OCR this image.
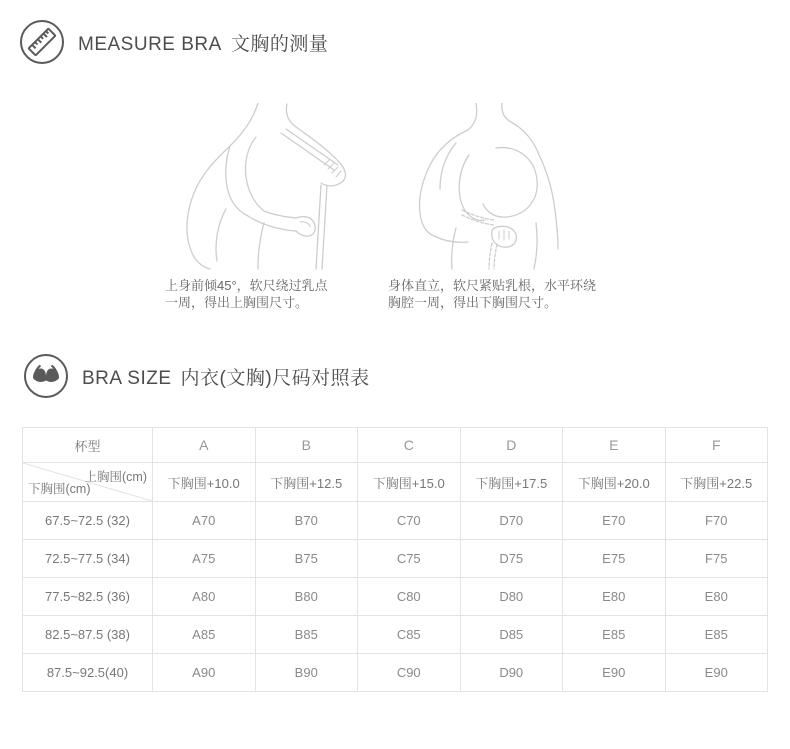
MEASURE BRA 文胸的测量

上身前倾45°，软尺绕过乳点
一周，得出上胸围尺寸。

身体直立，软尺紧贴乳根，水平环绕
胸腔一周，得出下胸围尺寸。

BRA SIZE 内衣(文胸)尺码对照表
杯型	A	B	C	D	E	F

上胸围(cm)
下胸围(cm)	下胸围+10.0	下胸围+12.5	下胸围+15.0	下胸围+17.5	下胸围+20.0	下胸围+22.5
67.5~72.5 (32)	A70	B70	C70	D70	E70	F70
72.5~77.5 (34)	A75	B75	C75	D75	E75	F75
77.5~82.5 (36)	A80	B80	C80	D80	E80	E80
82.5~87.5 (38)	A85	B85	C85	D85	E85	E85
87.5~92.5(40)	A90	B90	C90	D90	E90	E90
